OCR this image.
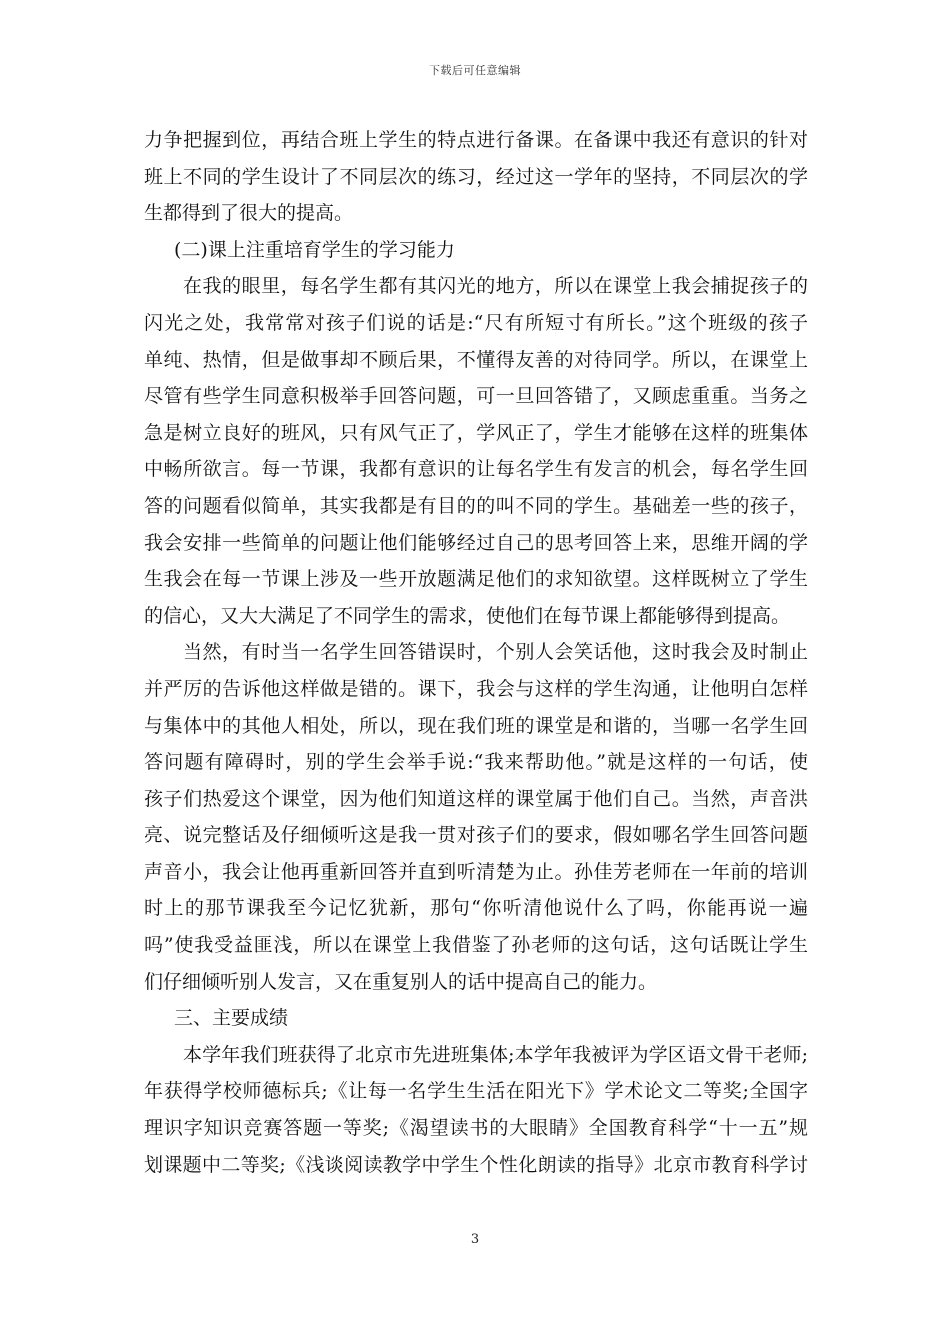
下载后可任意编辑
力争把握到位，再结合班上学生的特点进行备课。在备课中我还有意识的针对
班上不同的学生设计了不同层次的练习，经过这一学年的坚持，不同层次的学
生都得到了很大的提高。
(二)课上注重培育学生的学习能力
在我的眼里，每名学生都有其闪光的地方，所以在课堂上我会捕捉孩子的
闪光之处，我常常对孩子们说的话是:“尺有所短寸有所长。”这个班级的孩子
单纯、热情，但是做事却不顾后果，不懂得友善的对待同学。所以，在课堂上
尽管有些学生同意积极举手回答问题，可一旦回答错了，又顾虑重重。当务之
急是树立良好的班风，只有风气正了，学风正了，学生才能够在这样的班集体
中畅所欲言。每一节课，我都有意识的让每名学生有发言的机会，每名学生回
答的问题看似简单，其实我都是有目的的叫不同的学生。基础差一些的孩子，
我会安排一些简单的问题让他们能够经过自己的思考回答上来，思维开阔的学
生我会在每一节课上涉及一些开放题满足他们的求知欲望。这样既树立了学生
的信心，又大大满足了不同学生的需求，使他们在每节课上都能够得到提高。
当然，有时当一名学生回答错误时，个别人会笑话他，这时我会及时制止
并严厉的告诉他这样做是错的。课下，我会与这样的学生沟通，让他明白怎样
与集体中的其他人相处，所以，现在我们班的课堂是和谐的，当哪一名学生回
答问题有障碍时，别的学生会举手说:“我来帮助他。”就是这样的一句话，使
孩子们热爱这个课堂，因为他们知道这样的课堂属于他们自己。当然，声音洪
亮、说完整话及仔细倾听这是我一贯对孩子们的要求，假如哪名学生回答问题
声音小，我会让他再重新回答并直到听清楚为止。孙佳芳老师在一年前的培训
时上的那节课我至今记忆犹新，那句“你听清他说什么了吗，你能再说一遍
吗”使我受益匪浅，所以在课堂上我借鉴了孙老师的这句话，这句话既让学生
们仔细倾听别人发言，又在重复别人的话中提高自己的能力。
三、主要成绩
本学年我们班获得了北京市先进班集体;本学年我被评为学区语文骨干老师;
年获得学校师德标兵;《让每一名学生生活在阳光下》学术论文二等奖;全国字
理识字知识竞赛答题一等奖;《渴望读书的大眼睛》全国教育科学“十一五”规
划课题中二等奖;《浅谈阅读教学中学生个性化朗读的指导》北京市教育科学讨
3
